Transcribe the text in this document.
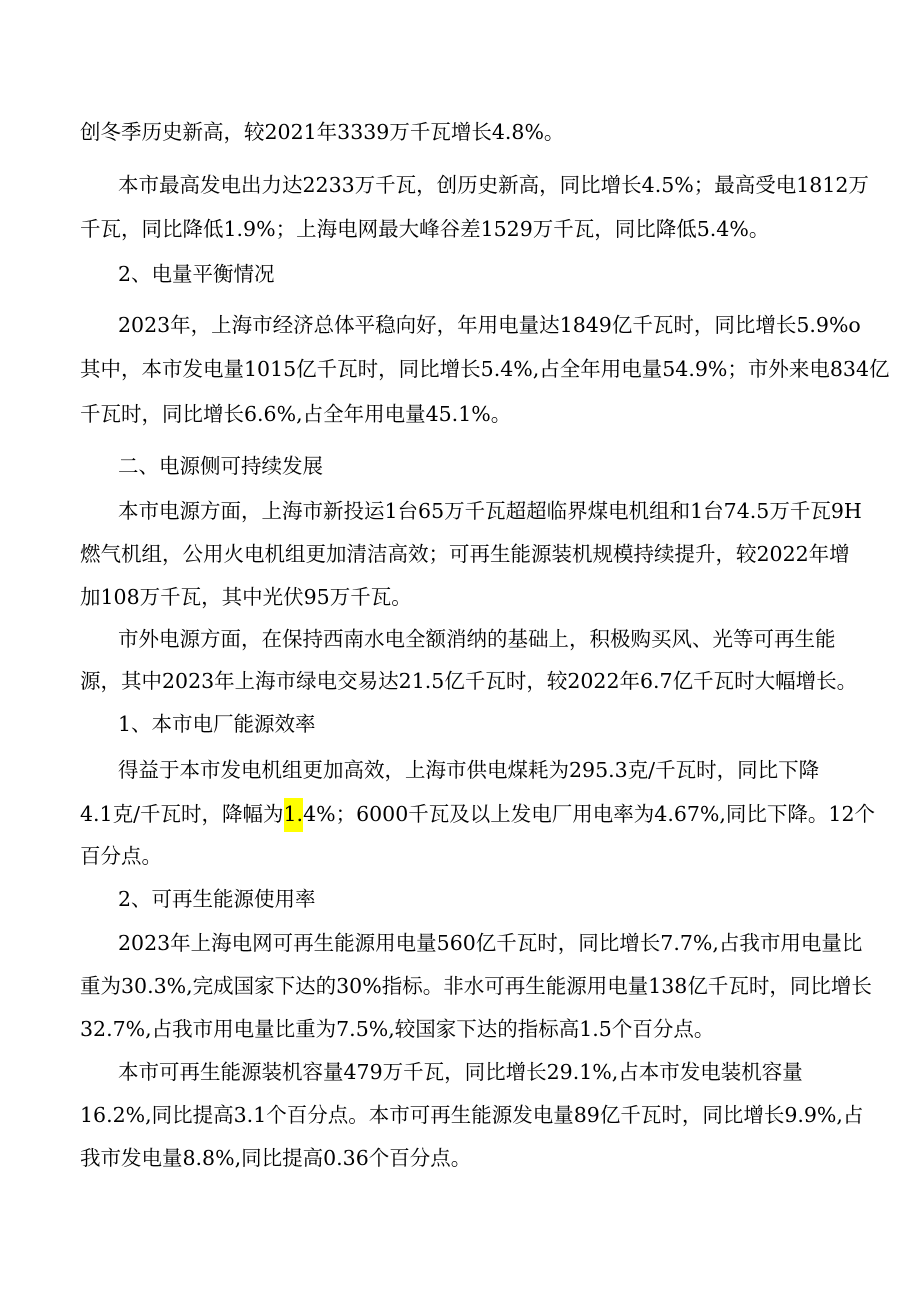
创冬季历史新高，较2021年3339万千瓦增长4.8%。
本市最高发电出力达2233万千瓦，创历史新高，同比增长4.5%；最高受电1812万
千瓦，同比降低1.9%；上海电网最大峰谷差1529万千瓦，同比降低5.4%。
2、电量平衡情况
2023年，上海市经济总体平稳向好，年用电量达1849亿千瓦时，同比增长5.9%o
其中，本市发电量1015亿千瓦时，同比增长5.4%,占全年用电量54.9%；市外来电834亿
千瓦时，同比增长6.6%,占全年用电量45.1%。
二、电源侧可持续发展
本市电源方面，上海市新投运1台65万千瓦超超临界煤电机组和1台74.5万千瓦9H
燃气机组，公用火电机组更加清洁高效；可再生能源装机规模持续提升，较2022年增
加108万千瓦，其中光伏95万千瓦。
市外电源方面，在保持西南水电全额消纳的基础上，积极购买风、光等可再生能
源，其中2023年上海市绿电交易达21.5亿千瓦时，较2022年6.7亿千瓦时大幅增长。
1、本市电厂能源效率
得益于本市发电机组更加高效，上海市供电煤耗为295.3克/千瓦时，同比下降
4.1克/千瓦时，降幅为1.4%；6000千瓦及以上发电厂用电率为4.67%,同比下降。12个
百分点。
2、可再生能源使用率
2023年上海电网可再生能源用电量560亿千瓦时，同比增长7.7%,占我市用电量比
重为30.3%,完成国家下达的30%指标。非水可再生能源用电量138亿千瓦时，同比增长
32.7%,占我市用电量比重为7.5%,较国家下达的指标高1.5个百分点。
本市可再生能源装机容量479万千瓦，同比增长29.1%,占本市发电装机容量
16.2%,同比提高3.1个百分点。本市可再生能源发电量89亿千瓦时，同比增长9.9%,占
我市发电量8.8%,同比提高0.36个百分点。
